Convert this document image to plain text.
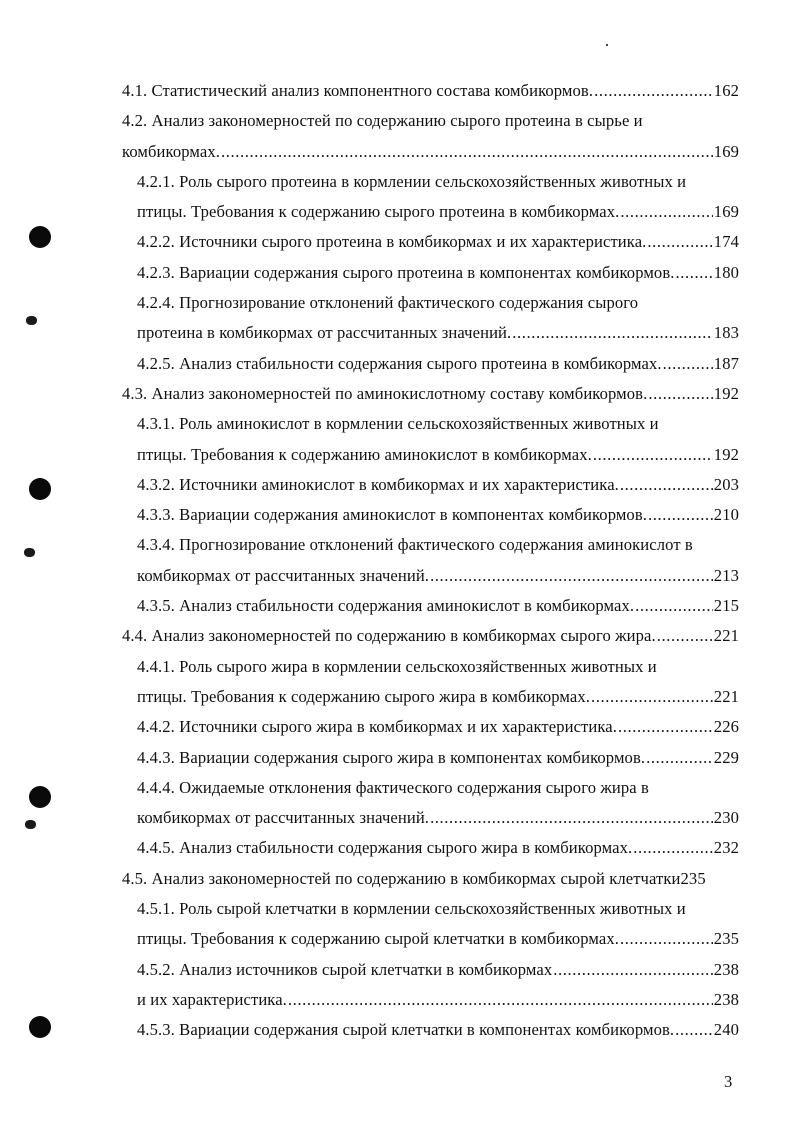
4.1. Статистический анализ компонентного состава комбикормов. .....	162
4.2. Анализ закономерностей по содержанию сырого протеина в сырье и
комбикормах. .....	169
4.2.1. Роль сырого протеина в кормлении сельскохозяйственных животных и
птицы. Требования к содержанию сырого протеина в комбикормах. .....	169
4.2.2. Источники сырого протеина в комбикормах и их характеристика. .....	174
4.2.3. Вариации содержания сырого протеина в компонентах комбикормов. ..... 180
4.2.4. Прогнозирование отклонений фактического содержания сырого
протеина в комбикормах от рассчитанных значений. .....	183
4.2.5. Анализ стабильности содержания сырого протеина в комбикормах. .....	187
4.3. Анализ закономерностей по аминокислотному составу комбикормов. .....	192
4.3.1. Роль аминокислот в кормлении сельскохозяйственных животных и
птицы. Требования к содержанию аминокислот в комбикормах. .....	192
4.3.2. Источники аминокислот в комбикормах и их характеристика. .....	203
4.3.3. Вариации содержания аминокислот в компонентах комбикормов. .....	210
4.3.4. Прогнозирование отклонений фактического содержания аминокислот в
комбикормах от рассчитанных значений. .....	213
4.3.5. Анализ стабильности содержания аминокислот в комбикормах. .....	215
4.4. Анализ закономерностей по содержанию в комбикормах сырого жира. .....	221
4.4.1. Роль сырого жира в кормлении сельскохозяйственных животных и
птицы. Требования к содержанию сырого жира в комбикормах. .....	221
4.4.2. Источники сырого жира в комбикормах и их характеристика. .....	226
4.4.3. Вариации содержания сырого жира в компонентах комбикормов. .....	229
4.4.4. Ожидаемые отклонения фактического содержания сырого жира в
комбикормах от рассчитанных значений. .....	230
4.4.5. Анализ стабильности содержания сырого жира в комбикормах. .....	232
4.5. Анализ закономерностей по содержанию в комбикормах сырой клетчатки 235
4.5.1. Роль сырой клетчатки в кормлении сельскохозяйственных животных и
птицы. Требования к содержанию сырой клетчатки в комбикормах. .....	235
4.5.2. Анализ источников сырой клетчатки в комбикормах .....	238
и их характеристика. .....	238
4.5.3. Вариации содержания сырой клетчатки в компонентах комбикормов. ..... 240
3
